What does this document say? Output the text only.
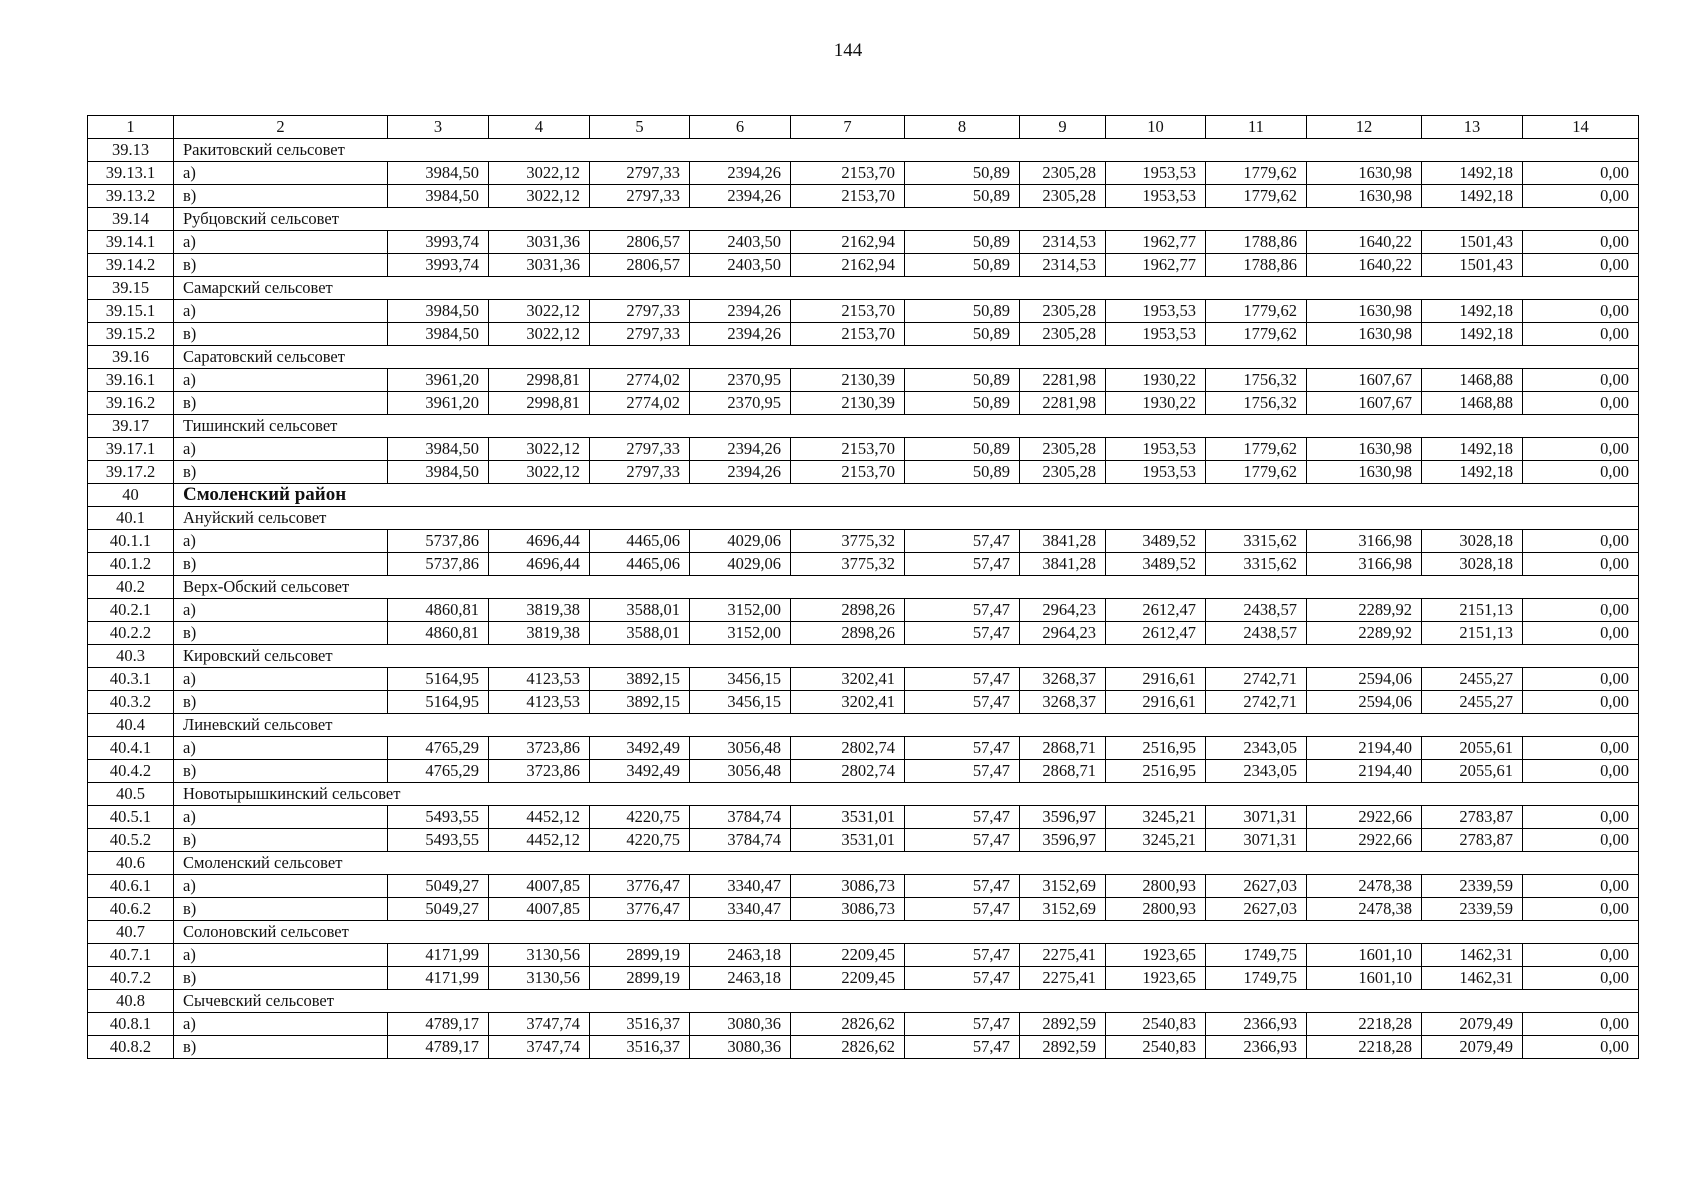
144
1	2	3	4	5	6	7	8	9	10	11	12	13	14
39.13	Ракитовский сельсовет												
39.13.1	а)	3984,50	3022,12	2797,33	2394,26	2153,70	50,89	2305,28	1953,53	1779,62	1630,98	1492,18	0,00
39.13.2	в)	3984,50	3022,12	2797,33	2394,26	2153,70	50,89	2305,28	1953,53	1779,62	1630,98	1492,18	0,00
39.14	Рубцовский сельсовет												
39.14.1	а)	3993,74	3031,36	2806,57	2403,50	2162,94	50,89	2314,53	1962,77	1788,86	1640,22	1501,43	0,00
39.14.2	в)	3993,74	3031,36	2806,57	2403,50	2162,94	50,89	2314,53	1962,77	1788,86	1640,22	1501,43	0,00
39.15	Самарский сельсовет												
39.15.1	а)	3984,50	3022,12	2797,33	2394,26	2153,70	50,89	2305,28	1953,53	1779,62	1630,98	1492,18	0,00
39.15.2	в)	3984,50	3022,12	2797,33	2394,26	2153,70	50,89	2305,28	1953,53	1779,62	1630,98	1492,18	0,00
39.16	Саратовский сельсовет												
39.16.1	а)	3961,20	2998,81	2774,02	2370,95	2130,39	50,89	2281,98	1930,22	1756,32	1607,67	1468,88	0,00
39.16.2	в)	3961,20	2998,81	2774,02	2370,95	2130,39	50,89	2281,98	1930,22	1756,32	1607,67	1468,88	0,00
39.17	Тишинский сельсовет												
39.17.1	а)	3984,50	3022,12	2797,33	2394,26	2153,70	50,89	2305,28	1953,53	1779,62	1630,98	1492,18	0,00
39.17.2	в)	3984,50	3022,12	2797,33	2394,26	2153,70	50,89	2305,28	1953,53	1779,62	1630,98	1492,18	0,00
40	Смоленский район												
40.1	Ануйский сельсовет												
40.1.1	а)	5737,86	4696,44	4465,06	4029,06	3775,32	57,47	3841,28	3489,52	3315,62	3166,98	3028,18	0,00
40.1.2	в)	5737,86	4696,44	4465,06	4029,06	3775,32	57,47	3841,28	3489,52	3315,62	3166,98	3028,18	0,00
40.2	Верх-Обский сельсовет												
40.2.1	а)	4860,81	3819,38	3588,01	3152,00	2898,26	57,47	2964,23	2612,47	2438,57	2289,92	2151,13	0,00
40.2.2	в)	4860,81	3819,38	3588,01	3152,00	2898,26	57,47	2964,23	2612,47	2438,57	2289,92	2151,13	0,00
40.3	Кировский сельсовет												
40.3.1	а)	5164,95	4123,53	3892,15	3456,15	3202,41	57,47	3268,37	2916,61	2742,71	2594,06	2455,27	0,00
40.3.2	в)	5164,95	4123,53	3892,15	3456,15	3202,41	57,47	3268,37	2916,61	2742,71	2594,06	2455,27	0,00
40.4	Линевский сельсовет												
40.4.1	а)	4765,29	3723,86	3492,49	3056,48	2802,74	57,47	2868,71	2516,95	2343,05	2194,40	2055,61	0,00
40.4.2	в)	4765,29	3723,86	3492,49	3056,48	2802,74	57,47	2868,71	2516,95	2343,05	2194,40	2055,61	0,00
40.5	Новотырышкинский сельсовет												
40.5.1	а)	5493,55	4452,12	4220,75	3784,74	3531,01	57,47	3596,97	3245,21	3071,31	2922,66	2783,87	0,00
40.5.2	в)	5493,55	4452,12	4220,75	3784,74	3531,01	57,47	3596,97	3245,21	3071,31	2922,66	2783,87	0,00
40.6	Смоленский сельсовет												
40.6.1	а)	5049,27	4007,85	3776,47	3340,47	3086,73	57,47	3152,69	2800,93	2627,03	2478,38	2339,59	0,00
40.6.2	в)	5049,27	4007,85	3776,47	3340,47	3086,73	57,47	3152,69	2800,93	2627,03	2478,38	2339,59	0,00
40.7	Солоновский сельсовет												
40.7.1	а)	4171,99	3130,56	2899,19	2463,18	2209,45	57,47	2275,41	1923,65	1749,75	1601,10	1462,31	0,00
40.7.2	в)	4171,99	3130,56	2899,19	2463,18	2209,45	57,47	2275,41	1923,65	1749,75	1601,10	1462,31	0,00
40.8	Сычевский сельсовет												
40.8.1	а)	4789,17	3747,74	3516,37	3080,36	2826,62	57,47	2892,59	2540,83	2366,93	2218,28	2079,49	0,00
40.8.2	в)	4789,17	3747,74	3516,37	3080,36	2826,62	57,47	2892,59	2540,83	2366,93	2218,28	2079,49	0,00
